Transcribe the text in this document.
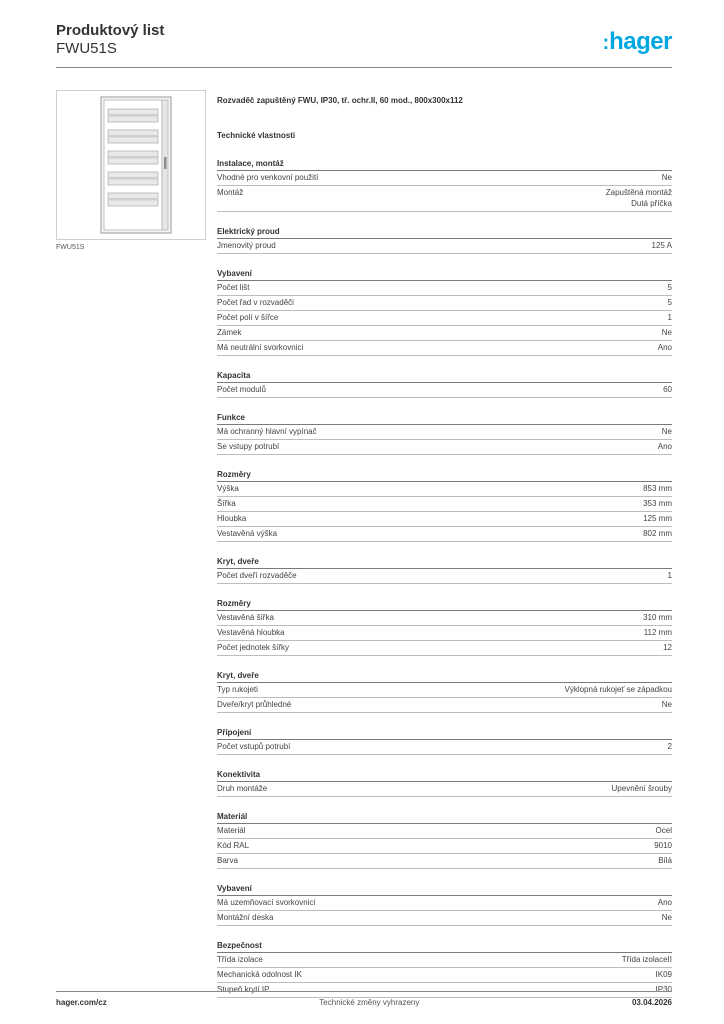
Produktový list
FWU51S	:hager
FWU51S
Rozvaděč zapuštěný FWU, IP30, tř. ochr.II, 60 mod., 800x300x112
Technické vlastnosti
Instalace, montáž
Vhodné pro venkovní použití	Ne
Montáž	Zapuštěná montáž
Dutá příčka
Elektrický proud
Jmenovitý proud	125 A
Vybavení
Počet lišt	5
Počet řad v rozvaděči	5
Počet polí v šířce	1
Zámek	Ne
Má neutrální svorkovnici	Ano
Kapacita
Počet modulů	60
Funkce
Má ochranný hlavní vypínač	Ne
Se vstupy potrubí	Ano
Rozměry
Výška	853 mm
Šířka	353 mm
Hloubka	125 mm
Vestavěná výška	802 mm
Kryt, dveře
Počet dveří rozvaděče	1
Rozměry
Vestavěná šířka	310 mm
Vestavěná hloubka	112 mm
Počet jednotek šířky	12
Kryt, dveře
Typ rukojeti	Výklopná rukojeť se západkou
Dveře/kryt průhledné	Ne
Připojení
Počet vstupů potrubí	2
Konektivita
Druh montáže	Upevnění šrouby
Materiál
Materiál	Ocel
Kód RAL	9010
Barva	Bílá
Vybavení
Má uzemňovací svorkovnici	Ano
Montážní deska	Ne
Bezpečnost
Třída izolace	Třída izolaceII
Mechanická odolnost IK	IK09
Stupeň krytí IP	IP30
hager.com/cz	Technické změny vyhrazeny	03.04.2026
